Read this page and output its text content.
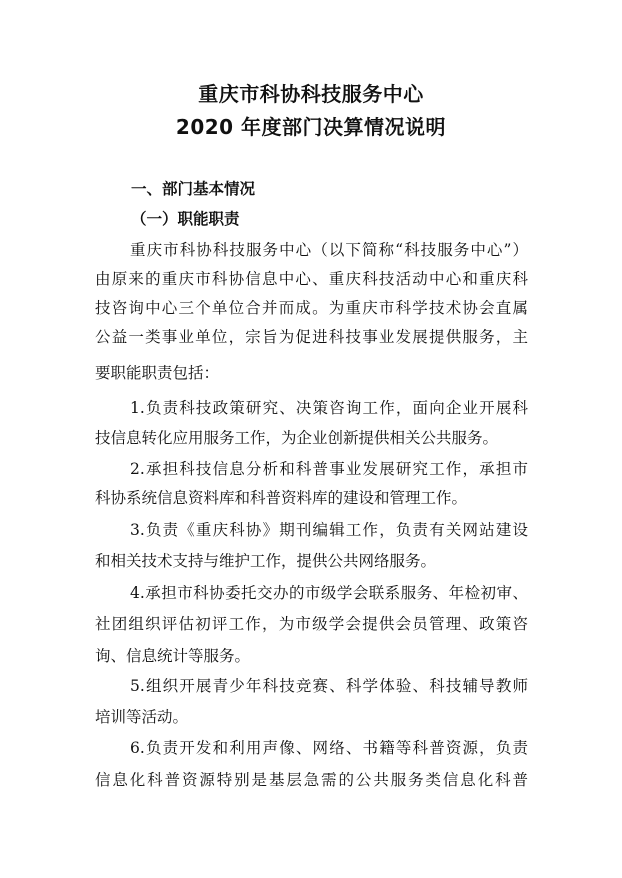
重庆市科协科技服务中心
2020 年度部门决算情况说明
一、部门基本情况
（一）职能职责
重庆市科协科技服务中心（以下简称“科技服务中心”）
由原来的重庆市科协信息中心、重庆科技活动中心和重庆科
技咨询中心三个单位合并而成。为重庆市科学技术协会直属
公益一类事业单位，宗旨为促进科技事业发展提供服务，主
要职能职责包括：
1.负责科技政策研究、决策咨询工作，面向企业开展科
技信息转化应用服务工作，为企业创新提供相关公共服务。
2.承担科技信息分析和科普事业发展研究工作，承担市
科协系统信息资料库和科普资料库的建设和管理工作。
3.负责《重庆科协》期刊编辑工作，负责有关网站建设
和相关技术支持与维护工作，提供公共网络服务。
4.承担市科协委托交办的市级学会联系服务、年检初审、
社团组织评估初评工作，为市级学会提供会员管理、政策咨
询、信息统计等服务。
5.组织开展青少年科技竞赛、科学体验、科技辅导教师
培训等活动。
6.负责开发和利用声像、网络、书籍等科普资源，负责
信息化科普资源特别是基层急需的公共服务类信息化科普
